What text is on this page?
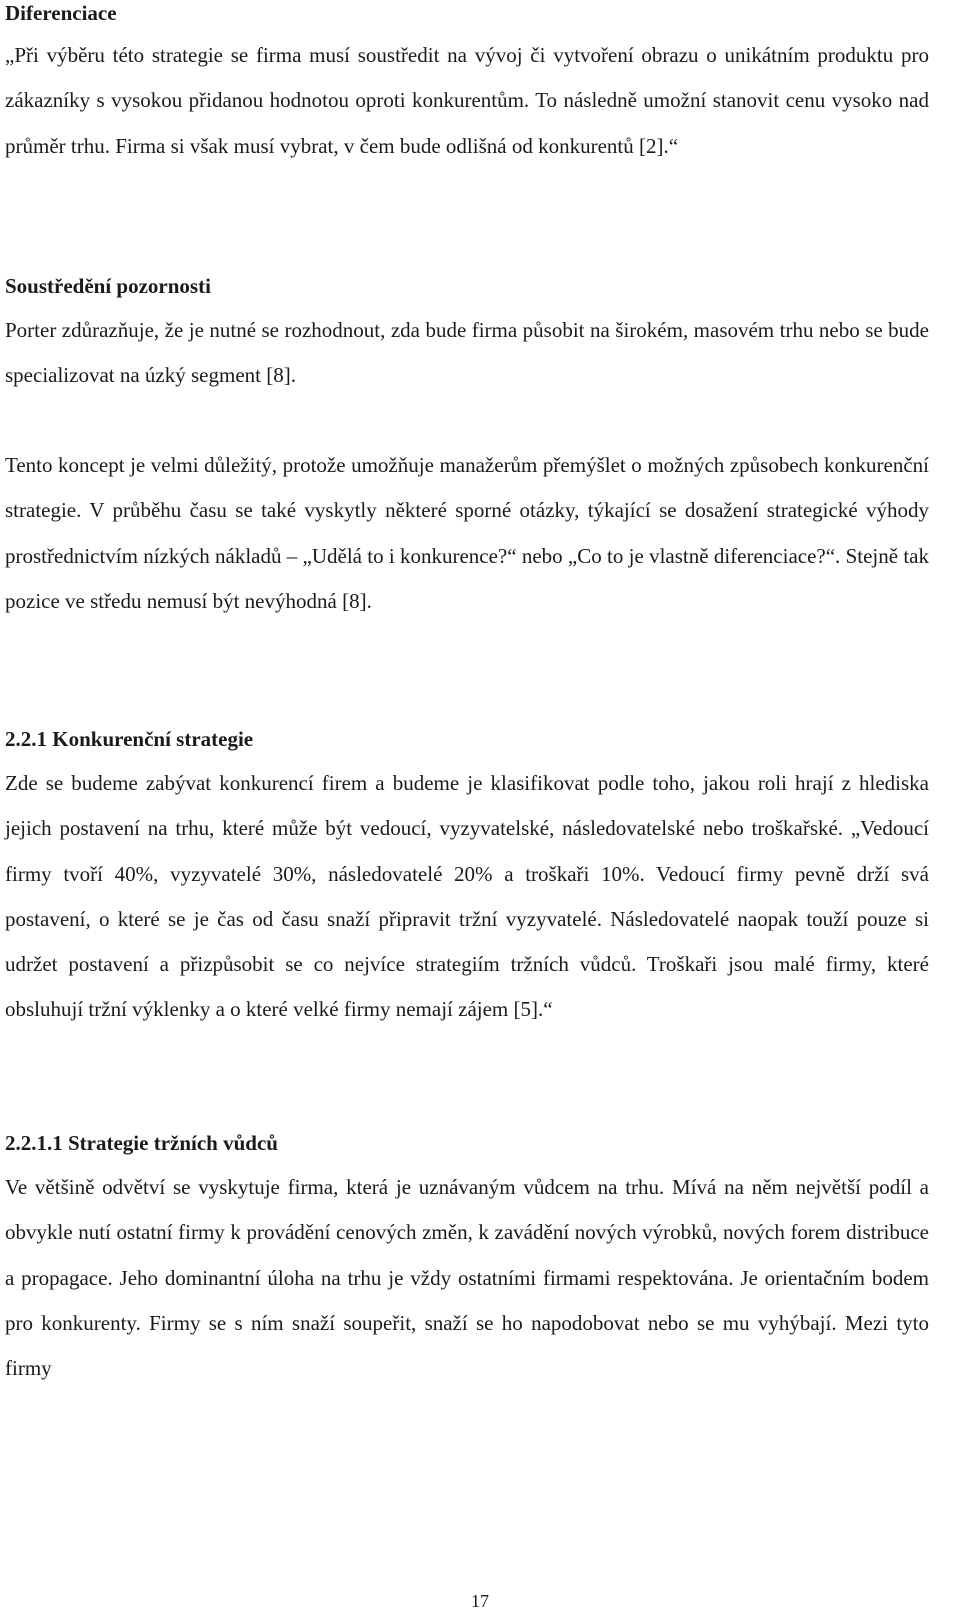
Diferenciace

„Při výběru této strategie se firma musí soustředit na vývoj či vytvoření obrazu o unikátním produktu pro zákazníky s vysokou přidanou hodnotou oproti konkurentům. To následně umožní stanovit cenu vysoko nad průměr trhu. Firma si však musí vybrat, v čem bude odlišná od konkurentů [2].“

Soustředění pozornosti

Porter zdůrazňuje, že je nutné se rozhodnout, zda bude firma působit na širokém, masovém trhu nebo se bude specializovat na úzký segment [8].

Tento koncept je velmi důležitý, protože umožňuje manažerům přemýšlet o možných způsobech konkurenční strategie. V průběhu času se také vyskytly některé sporné otázky, týkající se dosažení strategické výhody prostřednictvím nízkých nákladů – „Udělá to i konkurence?“ nebo „Co to je vlastně diferenciace?“. Stejně tak pozice ve středu nemusí být nevýhodná [8].

2.2.1 Konkurenční strategie

Zde se budeme zabývat konkurencí firem a budeme je klasifikovat podle toho, jakou roli hrají z hlediska jejich postavení na trhu, které může být vedoucí, vyzyvatelské, následovatelské nebo troškařské. „Vedoucí firmy tvoří 40%, vyzyvatelé 30%, následovatelé 20% a troškaři 10%. Vedoucí firmy pevně drží svá postavení, o které se je čas od času snaží připravit tržní vyzyvatelé. Následovatelé naopak touží pouze si udržet postavení a přizpůsobit se co nejvíce strategiím tržních vůdců. Troškaři jsou malé firmy, které obsluhují tržní výklenky a o které velké firmy nemají zájem [5].“

2.2.1.1 Strategie tržních vůdců

Ve většině odvětví se vyskytuje firma, která je uznávaným vůdcem na trhu. Mívá na něm největší podíl a obvykle nutí ostatní firmy k provádění cenových změn, k zavádění nových výrobků, nových forem distribuce a propagace. Jeho dominantní úloha na trhu je vždy ostatními firmami respektována. Je orientačním bodem pro konkurenty. Firmy se s ním snaží soupeřit, snaží se ho napodobovat nebo se mu vyhýbají. Mezi tyto firmy

17
